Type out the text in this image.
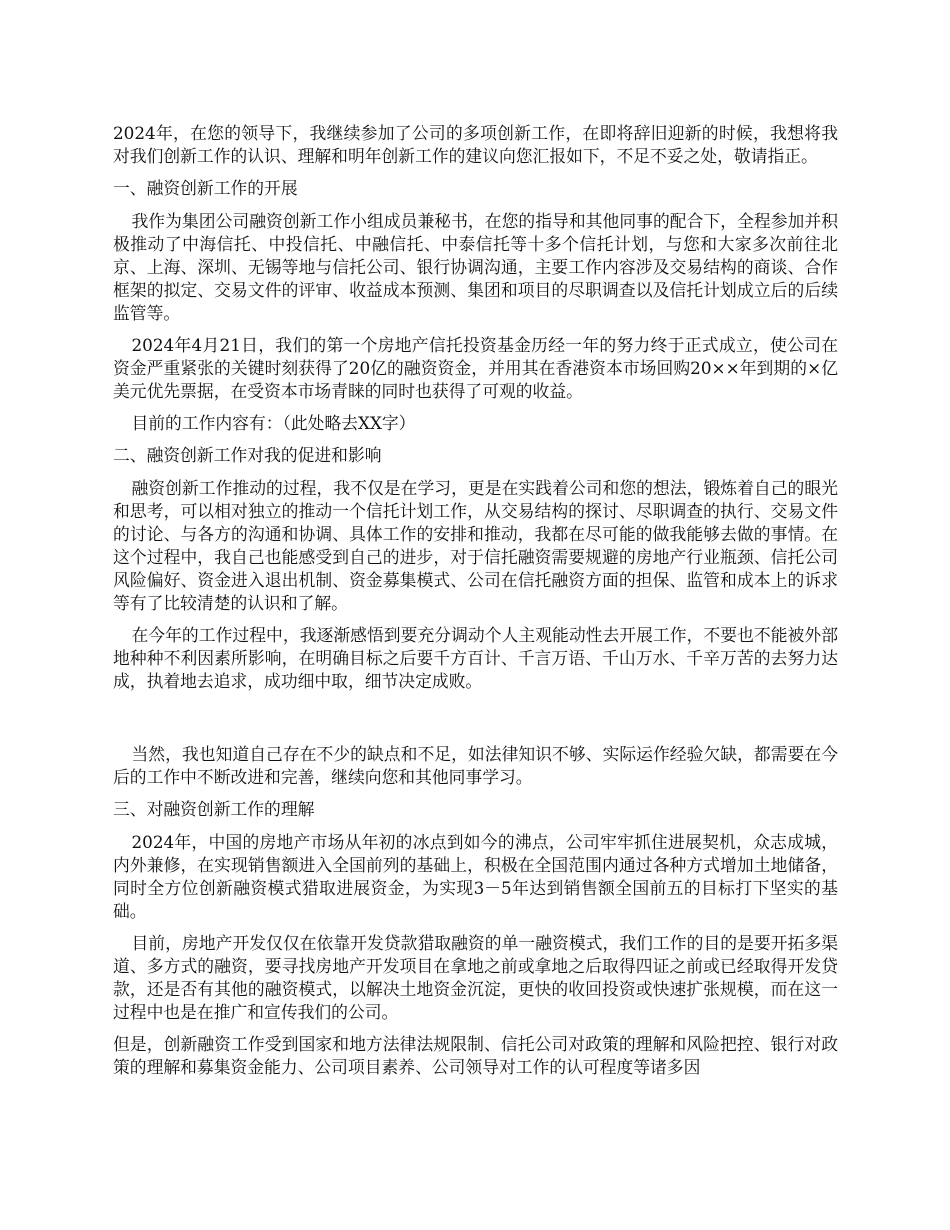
2024年，在您的领导下，我继续参加了公司的多项创新工作，在即将辞旧迎新的时候，我想将我对我们创新工作的认识、理解和明年创新工作的建议向您汇报如下，不足不妥之处，敬请指正。

一、融资创新工作的开展

我作为集团公司融资创新工作小组成员兼秘书，在您的指导和其他同事的配合下，全程参加并积极推动了中海信托、中投信托、中融信托、中泰信托等十多个信托计划，与您和大家多次前往北京、上海、深圳、无锡等地与信托公司、银行协调沟通，主要工作内容涉及交易结构的商谈、合作框架的拟定、交易文件的评审、收益成本预测、集团和项目的尽职调查以及信托计划成立后的后续监管等。

2024年4月21日，我们的第一个房地产信托投资基金历经一年的努力终于正式成立，使公司在资金严重紧张的关键时刻获得了20亿的融资资金，并用其在香港资本市场回购20××年到期的×亿美元优先票据，在受资本市场青睐的同时也获得了可观的收益。

目前的工作内容有：（此处略去XX字）

二、融资创新工作对我的促进和影响

融资创新工作推动的过程，我不仅是在学习，更是在实践着公司和您的想法，锻炼着自己的眼光和思考，可以相对独立的推动一个信托计划工作，从交易结构的探讨、尽职调查的执行、交易文件的讨论、与各方的沟通和协调、具体工作的安排和推动，我都在尽可能的做我能够去做的事情。在这个过程中，我自己也能感受到自己的进步，对于信托融资需要规避的房地产行业瓶颈、信托公司风险偏好、资金进入退出机制、资金募集模式、公司在信托融资方面的担保、监管和成本上的诉求等有了比较清楚的认识和了解。

在今年的工作过程中，我逐渐感悟到要充分调动个人主观能动性去开展工作，不要也不能被外部地种种不利因素所影响，在明确目标之后要千方百计、千言万语、千山万水、千辛万苦的去努力达成，执着地去追求，成功细中取，细节决定成败。

当然，我也知道自己存在不少的缺点和不足，如法律知识不够、实际运作经验欠缺，都需要在今后的工作中不断改进和完善，继续向您和其他同事学习。

三、对融资创新工作的理解

2024年，中国的房地产市场从年初的冰点到如今的沸点，公司牢牢抓住进展契机，众志成城，内外兼修，在实现销售额进入全国前列的基础上，积极在全国范围内通过各种方式增加土地储备，同时全方位创新融资模式猎取进展资金，为实现3－5年达到销售额全国前五的目标打下坚实的基础。

目前，房地产开发仅仅在依靠开发贷款猎取融资的单一融资模式，我们工作的目的是要开拓多渠道、多方式的融资，要寻找房地产开发项目在拿地之前或拿地之后取得四证之前或已经取得开发贷款，还是否有其他的融资模式，以解决土地资金沉淀，更快的收回投资或快速扩张规模，而在这一过程中也是在推广和宣传我们的公司。

但是，创新融资工作受到国家和地方法律法规限制、信托公司对政策的理解和风险把控、银行对政策的理解和募集资金能力、公司项目素养、公司领导对工作的认可程度等诸多因
